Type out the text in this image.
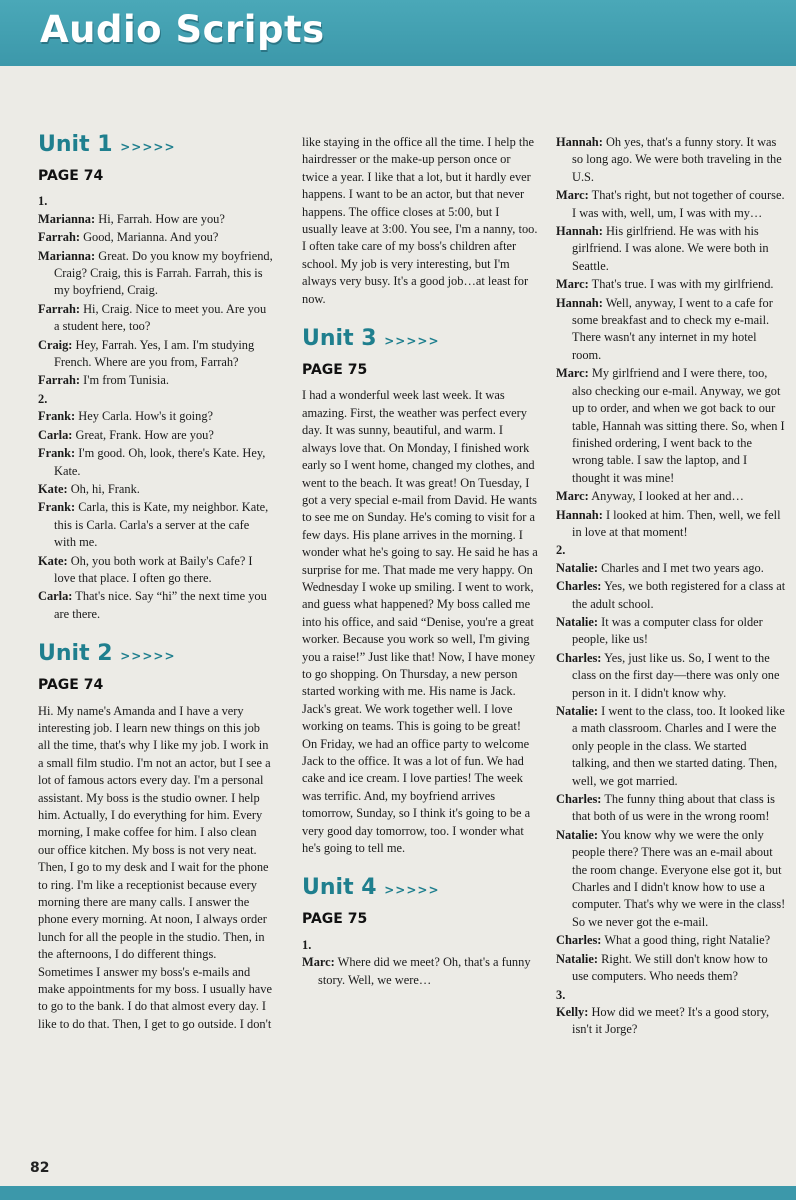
Audio Scripts
Unit 1 >>>>>
PAGE 74

1.

Marianna: Hi, Farrah. How are you?

Farrah: Good, Marianna. And you?

Marianna: Great. Do you know my boyfriend, Craig? Craig, this is Farrah. Farrah, this is my boyfriend, Craig.

Farrah: Hi, Craig. Nice to meet you. Are you a student here, too?

Craig: Hey, Farrah. Yes, I am. I'm studying French. Where are you from, Farrah?

Farrah: I'm from Tunisia.

2.

Frank: Hey Carla. How's it going?

Carla: Great, Frank. How are you?

Frank: I'm good. Oh, look, there's Kate. Hey, Kate.

Kate: Oh, hi, Frank.

Frank: Carla, this is Kate, my neighbor. Kate, this is Carla. Carla's a server at the cafe with me.

Kate: Oh, you both work at Baily's Cafe? I love that place. I often go there.

Carla: That's nice. Say “hi” the next time you are there.

Unit 2 >>>>>
PAGE 74

Hi. My name's Amanda and I have a very interesting job. I learn new things on this job all the time, that's why I like my job. I work in a small film studio. I'm not an actor, but I see a lot of famous actors every day. I'm a personal assistant. My boss is the studio owner. I help him. Actually, I do everything for him. Every morning, I make coffee for him. I also clean our office kitchen. My boss is not very neat. Then, I go to my desk and I wait for the phone to ring. I'm like a receptionist because every morning there are many calls. I answer the phone every morning. At noon, I always order lunch for all the people in the studio. Then, in the afternoons, I do different things. Sometimes I answer my boss's e-mails and make appointments for my boss. I usually have to go to the bank. I do that almost every day. I like to do that. Then, I get to go outside. I don't

like staying in the office all the time. I help the hairdresser or the make-up person once or twice a year. I like that a lot, but it hardly ever happens. I want to be an actor, but that never happens. The office closes at 5:00, but I usually leave at 3:00. You see, I'm a nanny, too. I often take care of my boss's children after school. My job is very interesting, but I'm always very busy. It's a good job…at least for now.

Unit 3 >>>>>
PAGE 75

I had a wonderful week last week. It was amazing. First, the weather was perfect every day. It was sunny, beautiful, and warm. I always love that. On Monday, I finished work early so I went home, changed my clothes, and went to the beach. It was great! On Tuesday, I got a very special e-mail from David. He wants to see me on Sunday. He's coming to visit for a few days. His plane arrives in the morning. I wonder what he's going to say. He said he has a surprise for me. That made me very happy. On Wednesday I woke up smiling. I went to work, and guess what happened? My boss called me into his office, and said “Denise, you're a great worker. Because you work so well, I'm giving you a raise!” Just like that! Now, I have money to go shopping. On Thursday, a new person started working with me. His name is Jack. Jack's great. We work together well. I love working on teams. This is going to be great! On Friday, we had an office party to welcome Jack to the office. It was a lot of fun. We had cake and ice cream. I love parties! The week was terrific. And, my boyfriend arrives tomorrow, Sunday, so I think it's going to be a very good day tomorrow, too. I wonder what he's going to tell me.

Unit 4 >>>>>
PAGE 75

1.

Marc: Where did we meet? Oh, that's a funny story. Well, we were…

Hannah: Oh yes, that's a funny story. It was so long ago. We were both traveling in the U.S.

Marc: That's right, but not together of course. I was with, well, um, I was with my…

Hannah: His girlfriend. He was with his girlfriend. I was alone. We were both in Seattle.

Marc: That's true. I was with my girlfriend.

Hannah: Well, anyway, I went to a cafe for some breakfast and to check my e-mail. There wasn't any internet in my hotel room.

Marc: My girlfriend and I were there, too, also checking our e-mail. Anyway, we got up to order, and when we got back to our table, Hannah was sitting there. So, when I finished ordering, I went back to the wrong table. I saw the laptop, and I thought it was mine!

Marc: Anyway, I looked at her and…

Hannah: I looked at him. Then, well, we fell in love at that moment!

2.

Natalie: Charles and I met two years ago.

Charles: Yes, we both registered for a class at the adult school.

Natalie: It was a computer class for older people, like us!

Charles: Yes, just like us. So, I went to the class on the first day—there was only one person in it. I didn't know why.

Natalie: I went to the class, too. It looked like a math classroom. Charles and I were the only people in the class. We started talking, and then we started dating. Then, well, we got married.

Charles: The funny thing about that class is that both of us were in the wrong room!

Natalie: You know why we were the only people there? There was an e-mail about the room change. Everyone else got it, but Charles and I didn't know how to use a computer. That's why we were in the class! So we never got the e-mail.

Charles: What a good thing, right Natalie?

Natalie: Right. We still don't know how to use computers. Who needs them?

3.

Kelly: How did we meet? It's a good story, isn't it Jorge?

82
